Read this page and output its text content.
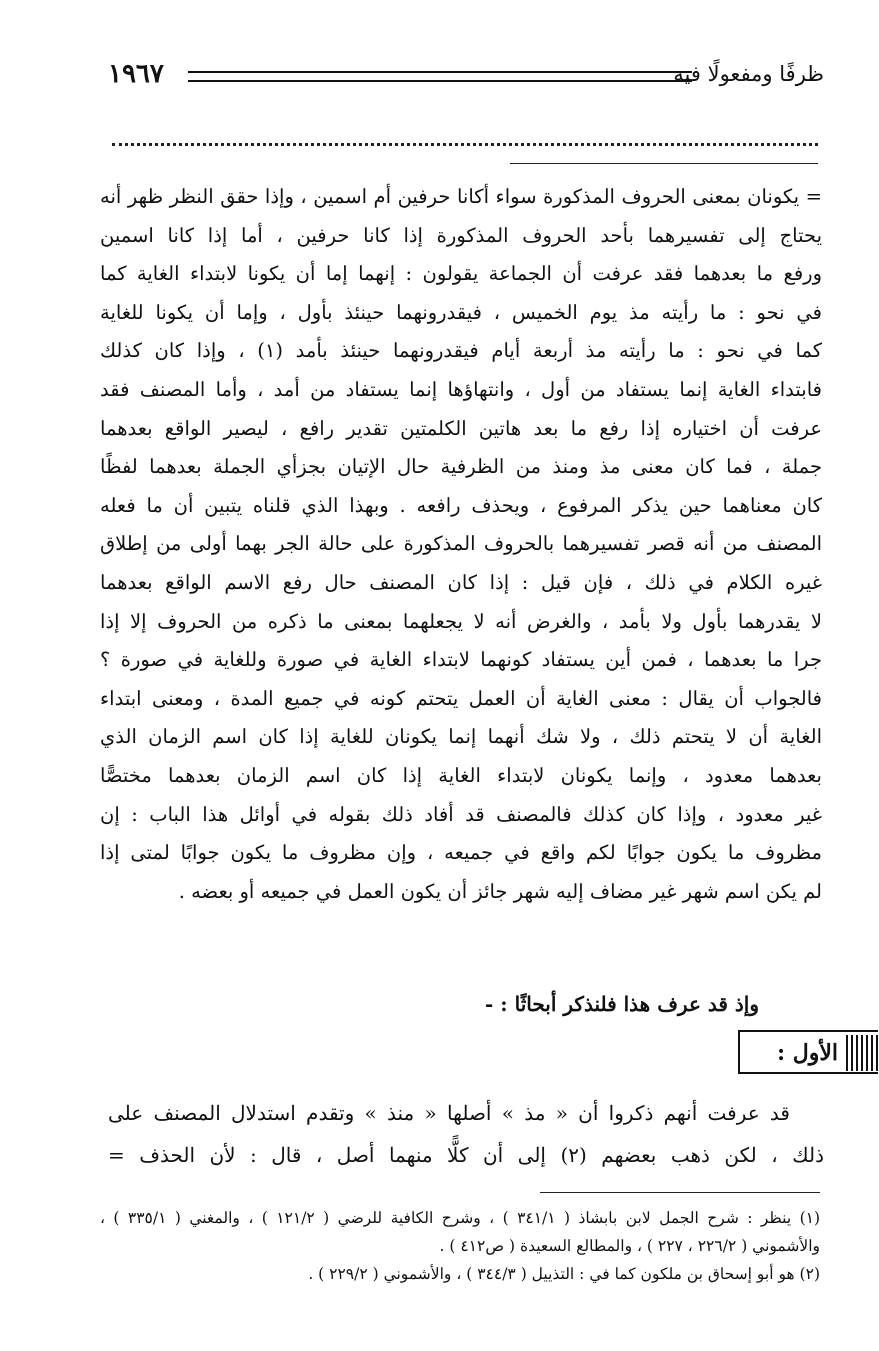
١٩٦٧	ظرفًا ومفعولًا فيه
= يكونان بمعنى الحروف المذكورة سواء أكانا حرفين أم اسمين ، وإذا حقق النظر ظهر أنه
يحتاج إلى تفسيرهما بأحد الحروف المذكورة إذا كانا حرفين ، أما إذا كانا اسمين
ورفع ما بعدهما فقد عرفت أن الجماعة يقولون : إنهما إما أن يكونا لابتداء الغاية كما
في نحو : ما رأيته مذ يوم الخميس ، فيقدرونهما حينئذ بأول ، وإما أن يكونا للغاية
كما في نحو : ما رأيته مذ أربعة أيام فيقدرونهما حينئذ بأمد (١) ، وإذا كان كذلك
فابتداء الغاية إنما يستفاد من أول ، وانتهاؤها إنما يستفاد من أمد ، وأما المصنف فقد
عرفت أن اختياره إذا رفع ما بعد هاتين الكلمتين تقدير رافع ، ليصير الواقع بعدهما
جملة ، فما كان معنى مذ ومنذ من الظرفية حال الإتيان بجزأي الجملة بعدهما لفظًا
كان معناهما حين يذكر المرفوع ، ويحذف رافعه . وبهذا الذي قلناه يتبين أن ما فعله
المصنف من أنه قصر تفسيرهما بالحروف المذكورة على حالة الجر بهما أولى من إطلاق
غيره الكلام في ذلك ، فإن قيل : إذا كان المصنف حال رفع الاسم الواقع بعدهما
لا يقدرهما بأول ولا بأمد ، والغرض أنه لا يجعلهما بمعنى ما ذكره من الحروف إلا إذا
جرا ما بعدهما ، فمن أين يستفاد كونهما لابتداء الغاية في صورة وللغاية في صورة ؟
فالجواب أن يقال : معنى الغاية أن العمل يتحتم كونه في جميع المدة ، ومعنى ابتداء
الغاية أن لا يتحتم ذلك ، ولا شك أنهما إنما يكونان للغاية إذا كان اسم الزمان الذي
بعدهما معدود ، وإنما يكونان لابتداء الغاية إذا كان اسم الزمان بعدهما مختصًّا
غير معدود ، وإذا كان كذلك فالمصنف قد أفاد ذلك بقوله في أوائل هذا الباب : إن
مظروف ما يكون جوابًا لكم واقع في جميعه ، وإن مظروف ما يكون جوابًا لمتى إذا
لم يكن اسم شهر غير مضاف إليه شهر جائز أن يكون العمل في جميعه أو بعضه .
وإذ قد عرف هذا فلنذكر أبحاثًا : -
الأول :
قد عرفت أنهم ذكروا أن « مذ » أصلها « منذ » وتقدم استدلال المصنف على
ذلك ، لكن ذهب بعضهم (٢) إلى أن كلًّا منهما أصل ، قال : لأن الحذف =
(١) ينظر : شرح الجمل لابن بابشاذ ( ٣٤١/١ ) ، وشرح الكافية للرضي ( ١٢١/٢ ) ، والمغني ( ٣٣٥/١ ) ،
والأشموني ( ٢٢٦/٢ ، ٢٢٧ ) ، والمطالع السعيدة ( ص٤١٢ ) .
(٢) هو أبو إسحاق بن ملكون كما في : التذييل ( ٣٤٤/٣ ) ، والأشموني ( ٢٢٩/٢ ) .
